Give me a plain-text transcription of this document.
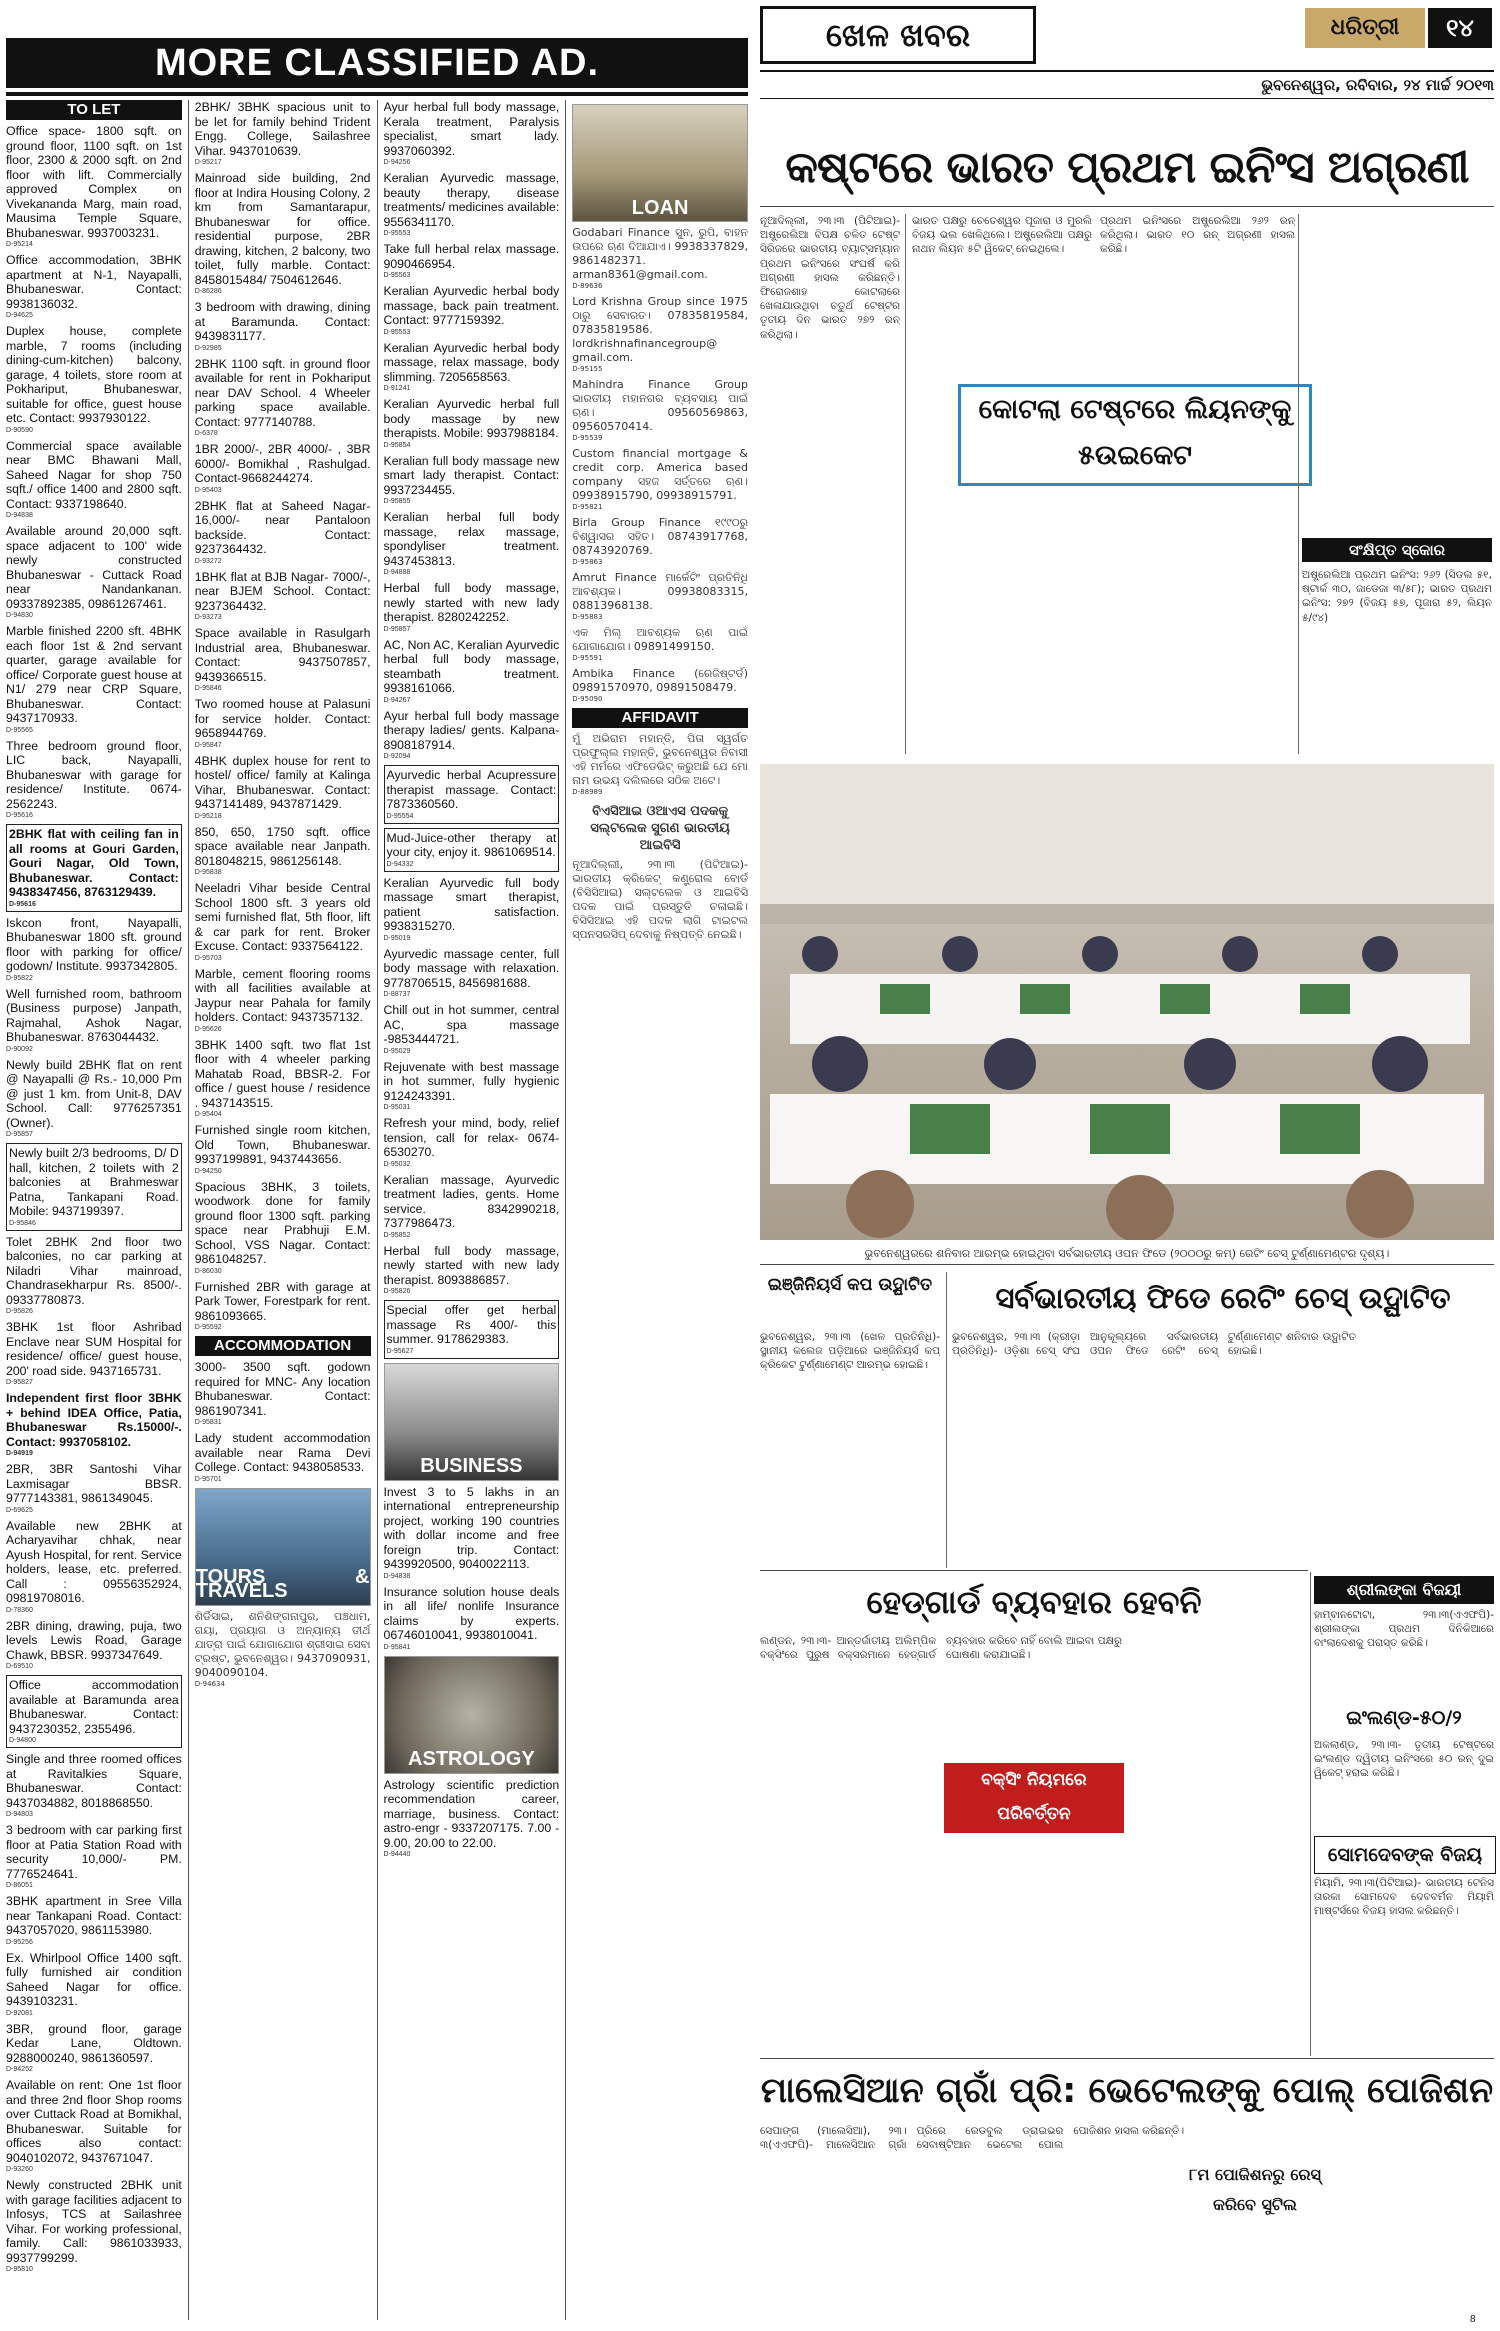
MORE CLASSIFIED AD.
TO LET
Office space- 1800 sqft. on ground floor, 1100 sqft. on 1st floor, 2300 & 2000 sqft. on 2nd floor with lift. Commercially approved Complex on Vivekananda Marg, main road, Mausima Temple Square, Bhubaneswar. 9937003231.
D-95214
Office accommodation, 3BHK apartment at N-1, Nayapalli, Bhubaneswar. Contact: 9938136032.
D-94625
Duplex house, complete marble, 7 rooms (including dining-cum-kitchen) balcony, garage, 4 toilets, store room at Pokhariput, Bhubaneswar, suitable for office, guest house etc. Contact: 9937930122.
D-90590
Commercial space available near BMC Bhawani Mall, Saheed Nagar for shop 750 sqft./ office 1400 and 2800 sqft. Contact: 9337198640.
D-94838
Available around 20,000 sqft. space adjacent to 100' wide newly constructed Bhubaneswar - Cuttack Road near Nandankanan. 09337892385, 09861267461.
D-94830
Marble finished 2200 sft. 4BHK each floor 1st & 2nd servant quarter, garage available for office/ Corporate guest house at N1/ 279 near CRP Square, Bhubaneswar. Contact: 9437170933.
D-95565
Three bedroom ground floor, LIC back, Nayapalli, Bhubaneswar with garage for residence/ Institute. 0674-2562243.
D-95616
2BHK flat with ceiling fan in all rooms at Gouri Garden, Gouri Nagar, Old Town, Bhubaneswar. Contact: 9438347456, 8763129439.
D-95616
Iskcon front, Nayapalli, Bhubaneswar 1800 sft. ground floor with parking for office/ godown/ Institute. 9937342805.
D-95822
Well furnished room, bathroom (Business purpose) Janpath, Rajmahal, Ashok Nagar, Bhubaneswar. 8763044432.
D-90092
Newly build 2BHK flat on rent @ Nayapalli @ Rs.- 10,000 Pm @ just 1 km. from Unit-8, DAV School. Call: 9776257351 (Owner).
D-95857
Newly built 2/3 bedrooms, D/ D hall, kitchen, 2 toilets with 2 balconies at Brahmeswar Patna, Tankapani Road. Mobile: 9437199397.
D-95846
Tolet 2BHK 2nd floor two balconies, no car parking at Niladri Vihar mainroad, Chandrasekharpur Rs. 8500/-. 09337780873.
D-95826
3BHK 1st floor Ashribad Enclave near SUM Hospital for residence/ office/ guest house, 200' road side. 9437165731.
D-95827
Independent first floor 3BHK + behind IDEA Office, Patia, Bhubaneswar Rs.15000/-. Contact: 9937058102.
D-94919
2BR, 3BR Santoshi Vihar Laxmisagar BBSR. 9777143381, 9861349045.
D-69625
Available new 2BHK at Acharyavihar chhak, near Ayush Hospital, for rent. Service holders, lease, etc. preferred. Call : 09556352924, 09819708016.
D-78360
2BR dining, drawing, puja, two levels Lewis Road, Garage Chawk, BBSR. 9937347649.
D-69510
Office accommodation available at Baramunda area Bhubaneswar. Contact: 9437230352, 2355496.
D-94800
Single and three roomed offices at Ravitalkies Square, Bhubaneswar. Contact: 9437034882, 8018868550.
D-94803
3 bedroom with car parking first floor at Patia Station Road with security 10,000/- PM. 7776524641.
D-86051
3BHK apartment in Sree Villa near Tankapani Road. Contact: 9437057020, 9861153980.
D-95256
Ex. Whirlpool Office 1400 sqft. fully furnished air condition Saheed Nagar for office. 9439103231.
D-92081
3BR, ground floor, garage Kedar Lane, Oldtown. 9288000240, 9861360597.
D-94252
Available on rent: One 1st floor and three 2nd floor Shop rooms over Cuttack Road at Bomikhal, Bhubaneswar. Suitable for offices also contact: 9040102072, 9437671047.
D-93260
Newly constructed 2BHK unit with garage facilities adjacent to Infosys, TCS at Sailashree Vihar. For working professional, family. Call: 9861033933, 9937799299.
D-95810
2BHK/ 3BHK spacious unit to be let for family behind Trident Engg. College, Sailashree Vihar. 9437010639.
D-95217
Mainroad side building, 2nd floor at Indira Housing Colony, 2 km from Samantarapur, Bhubaneswar for office. residential purpose, 2BR drawing, kitchen, 2 balcony, two toilet, fully marble. Contact: 8458015484/ 7504612646.
D-86286
3 bedroom with drawing, dining at Baramunda. Contact: 9439831177.
D-92985
2BHK 1100 sqft. in ground floor available for rent in Pokhariput near DAV School. 4 Wheeler parking space available. Contact: 9777140788.
D-6378
1BR 2000/-, 2BR 4000/- , 3BR 6000/- Bomikhal , Rashulgad. Contact-9668244274.
D-95403
2BHK flat at Saheed Nagar- 16,000/- near Pantaloon backside. Contact: 9237364432.
D-93272
1BHK flat at BJB Nagar- 7000/-, near BJEM School. Contact: 9237364432.
D-93273
Space available in Rasulgarh Industrial area, Bhubaneswar. Contact: 9437507857, 9439366515.
D-95846
Two roomed house at Palasuni for service holder. Contact: 9658944769.
D-95847
4BHK duplex house for rent to hostel/ office/ family at Kalinga Vihar, Bhubaneswar. Contact: 9437141489, 9437871429.
D-95218
850, 650, 1750 sqft. office space available near Janpath. 8018048215, 9861256148.
D-95838
Neeladri Vihar beside Central School 1800 sft. 3 years old semi furnished flat, 5th floor, lift & car park for rent. Broker Excuse. Contact: 9337564122.
D-95703
Marble, cement flooring rooms with all facilities available at Jaypur near Pahala for family holders. Contact: 9437357132.
D-95626
3BHK 1400 sqft. two flat 1st floor with 4 wheeler parking Mahatab Road, BBSR-2. For office / guest house / residence . 9437143515.
D-95404
Furnished single room kitchen, Old Town, Bhubaneswar. 9937199891, 9437443656.
D-94250
Spacious 3BHK, 3 toilets, woodwork done for family ground floor 1300 sqft. parking space near Prabhuji E.M. School, VSS Nagar. Contact: 9861048257.
D-86030
Furnished 2BR with garage at Park Tower, Forestpark for rent. 9861093665.
D-95592
ACCOMMODATION
3000- 3500 sqft. godown required for MNC- Any location Bhubaneswar. Contact: 9861907341.
D-95831
Lady student accommodation available near Rama Devi College. Contact: 9438058533.
D-95701
TOURS & TRAVELS
ଶିର୍ଡିସାଇ, ଶନିଶିଙ୍ଗନାପୁର, ପଞ୍ଚଧାମ, ଗୟା, ପ୍ରୟାଗ ଓ ଅନ୍ୟାନ୍ୟ ତୀର୍ଥ ଯାତ୍ରା ପାଇଁ ଯୋଗାଯୋଗ ଶ୍ରୀସାଇ ସେବା ଟ୍ରଷ୍ଟ, ଭୁବନେଶ୍ୱର। 9437090931, 9040090104.
D-94634
Ayur herbal full body massage, Kerala treatment, Paralysis specialist, smart lady. 9937060392.
D-94256
Keralian Ayurvedic massage, beauty therapy, disease treatments/ medicines available: 9556341170.
D-95553
Take full herbal relax massage. 9090466954.
D-95563
Keralian Ayurvedic herbal body massage, back pain treatment. Contact: 9777159392.
D-95553
Keralian Ayurvedic herbal body massage, relax massage, body slimming. 7205658563.
D-91241
Keralian Ayurvedic herbal full body massage by new therapists. Mobile: 9937988184.
D-95854
Keralian full body massage new smart lady therapist. Contact: 9937234455.
D-95855
Keralian herbal full body massage, relax massage, spondyliser treatment. 9437453813.
D-94888
Herbal full body massage, newly started with new lady therapist. 8280242252.
D-95857
AC, Non AC, Keralian Ayurvedic herbal full body massage, steambath treatment. 9938161066.
D-94267
Ayur herbal full body massage therapy ladies/ gents. Kalpana- 8908187914.
D-92094
Ayurvedic herbal Acupressure therapist massage. Contact: 7873360560.
D-95554
Mud-Juice-other therapy at your city, enjoy it. 9861069514.
D-94332
Keralian Ayurvedic full body massage smart therapist, patient satisfaction. 9938315270.
D-95019
Ayurvedic massage center, full body massage with relaxation. 9778706515, 8456981688.
D-88737
Chill out in hot summer, central AC, spa massage -9853444721.
D-95029
Rejuvenate with best massage in hot summer, fully hygienic 9124243391.
D-95031
Refresh your mind, body, relief tension, call for relax- 0674-6530270.
D-95032
Keralian massage, Ayurvedic treatment ladies, gents. Home service. 8342990218, 7377986473.
D-95852
Herbal full body massage, newly started with new lady therapist. 8093886857.
D-95826
Special offer get herbal massage Rs 400/- this summer. 9178629383.
D-95627
BUSINESS
Invest 3 to 5 lakhs in an international entrepreneurship project, working 190 countries with dollar income and free foreign trip. Contact: 9439920500, 9040022113.
D-94838
Insurance solution house deals in all life/ nonlife Insurance claims by experts. 06746010041, 9938010041.
D-95841
ASTROLOGY
Astrology scientific prediction recommendation career, marriage, business. Contact: astro-engr - 9337207175. 7.00 - 9.00, 20.00 to 22.00.
D-94440
LOAN
Godabari Finance ସୁନ, ରୁପି, ବାହନ ଉପରେ ଋଣ ଦିଆଯାଏ। 9938337829, 9861482371. arman8361@gmail.com.
D-89636
Lord Krishna Group since 1975 ଠାରୁ ସେବାରତ। 07835819584, 07835819586. lordkrishnafinancegroup@ gmail.com.
D-95155
Mahindra Finance Group ଭାରତୀୟ ମହାନଗର ବ୍ୟବସାୟ ପାଇଁ ଋଣ। 09560569863, 09560570414.
D-95539
Custom financial mortgage & credit corp. America based company ସହଜ ସର୍ତ୍ତରେ ଋଣ। 09938915790, 09938915791.
D-95821
Birla Group Finance ୧୯୯୦ରୁ ବିଶ୍ୱାସର ସହିତ। 08743917768, 08743920769.
D-95863
Amrut Finance ମାର୍କେଟିଂ ପ୍ରତିନିଧି ଆବଶ୍ୟକ। 09938083315, 08813968138.
D-95883
ଏକ ମିଲ୍ ଆବଶ୍ୟକ ଋଣ ପାଇଁ ଯୋଗାଯୋଗ। 09891499150.
D-95591
Ambika Finance (ରେଜିଷ୍ଟର୍ଡ) 09891570970, 09891508479.
D-95090
AFFIDAVIT
ମୁଁ ଅଭିରାମ ମହାନ୍ତି, ପିତା ସ୍ୱର୍ଗତ ପ୍ରଫୁଲ୍ଲ ମହାନ୍ତି, ଭୁବନେଶ୍ୱର ନିବାସୀ ଏହି ମର୍ମରେ ଏଫିଡେଭିଟ୍ କରୁଅଛି ଯେ ମୋ ନାମ ଉଭୟ ଦଲିଲରେ ସଠିକ ଅଟେ।
D-88989
ବିଏସିଆଇ ଓଆଏସ ପଦକକୁ ସଲ୍ଟଲେକ ସୁଗଣ ଭାରତୀୟ ଆଇବିସି
ନୂଆଦିଲ୍ଲୀ, ୨୩।୩ (ପିଟିଆଇ)- ଭାରତୀୟ କ୍ରିକେଟ୍ କଣ୍ଟ୍ରୋଲ ବୋର୍ଡ (ବିସିସିଆଇ) ସଲ୍ଟଲେକ ଓ ଆଇବିସି ପଦକ ପାଇଁ ପ୍ରସ୍ତୁତି ଚଳାଇଛି। ବିସିସିଆଇ ଏହି ପଦକ ଲାଗି ଟାଇଟଲ ସ୍ପନସରସିପ୍ ଦେବାକୁ ନିଷ୍ପତ୍ତି ନେଇଛି।
ଖେଳ ଖବର	ଧରିତ୍ରୀ	୧୪
ଭୁବନେଶ୍ୱର, ରବିବାର, ୨୪ ମାର୍ଚ୍ଚ ୨୦୧୩
କଷ୍ଟରେ ଭାରତ ପ୍ରଥମ ଇନିଂସ ଅଗ୍ରଣୀ
ନୂଆଦିଲ୍ଲୀ, ୨୩।୩ (ପିଟିଆଇ)- ଅଷ୍ଟ୍ରେଲିଆ ବିପକ୍ଷ ଚଳିତ ଟେଷ୍ଟ ସିରିଜରେ ଭାରତୀୟ ବ୍ୟାଟ୍ସମ୍ୟାନ ପ୍ରଥମ ଇନିଂସରେ ସଂଘର୍ଷ କରି ଅଗ୍ରଣୀ ହାସଲ କରିଛନ୍ତି। ଫିରୋଜଶାହ କୋଟଲାରେ ଖେଳାଯାଉଥିବା ଚତୁର୍ଥ ଟେଷ୍ଟର ତୃତୀୟ ଦିନ ଭାରତ ୨୭୨ ରନ୍ କରିଥିଲା।
ଭାରତ ପକ୍ଷରୁ ଚେତେଶ୍ୱର ପୂଜାରା ଓ ମୁରଲି ବିଜୟ ଭଲ ଖେଳିଥିଲେ। ଅଷ୍ଟ୍ରେଲିଆ ପକ୍ଷରୁ ନାଥନ ଲିୟନ ୫ଟି ୱିକେଟ୍ ନେଇଥିଲେ।
ପ୍ରଥମ ଇନିଂସରେ ଅଷ୍ଟ୍ରେଲିଆ ୨୬୨ ରନ୍ କରିଥିଲା। ଭାରତ ୧୦ ରନ୍ ଅଗ୍ରଣୀ ହାସଲ କରିଛି।
କୋଟଲା ଟେଷ୍ଟରେ ଲିୟନଙ୍କୁ ୫ଉଇକେଟ
ସଂକ୍ଷିପ୍ତ ସ୍କୋର
ଅଷ୍ଟ୍ରେଲିଆ ପ୍ରଥମ ଇନିଂସ: ୨୬୨ (ସିଡଲ ୫୧, ଷ୍ଟାର୍କ ୩୦, ଜାଡେଜା ୩/୫୮); ଭାରତ ପ୍ରଥମ ଇନିଂସ: ୨୭୨ (ବିଜୟ ୫୭, ପୂଜାରା ୫୨, ଲିୟନ ୫/୯୪)
ଭୁବନେଶ୍ୱରରେ ଶନିବାର ଆରମ୍ଭ ହୋଇଥିବା ସର୍ବଭାରତୀୟ ଓପନ ଫିଡେ (୨୦୦୦ରୁ କମ୍) ରେଟିଂ ଚେସ୍ ଟୁର୍ଣ୍ଣାମେଣ୍ଟର ଦୃଶ୍ୟ।
ଇଞ୍ଜିନିୟର୍ସ କପ ଉଦ୍ଘାଟିତ
ଭୁବନେଶ୍ୱର, ୨୩।୩ (ଖେଳ ପ୍ରତିନିଧି)- ସ୍ଥାନୀୟ କଲେଜ ପଡ଼ିଆରେ ଇଞ୍ଜିନିୟର୍ସ କପ୍ କ୍ରିକେଟ ଟୁର୍ଣ୍ଣାମେଣ୍ଟ ଆରମ୍ଭ ହୋଇଛି।
ସର୍ବଭାରତୀୟ ଫିଡେ ରେଟିଂ ଚେସ୍ ଉଦ୍ଘାଟିତ
ଭୁବନେଶ୍ୱର, ୨୩।୩ (କ୍ରୀଡ଼ା ପ୍ରତିନିଧି)- ଓଡ଼ିଶା ଚେସ୍ ସଂଘ ଆନୁକୂଲ୍ୟରେ ସର୍ବଭାରତୀୟ ଓପନ ଫିଡେ ରେଟିଂ ଚେସ୍ ଟୁର୍ଣ୍ଣାମେଣ୍ଟ ଶନିବାର ଉଦ୍ଘାଟିତ ହୋଇଛି।
ହେଡ୍‌ଗାର୍ଡ ବ୍ୟବହାର ହେବନି
ଲଣ୍ଡନ, ୨୩।୩- ଆନ୍ତର୍ଜାତୀୟ ଅଲିମ୍ପିକ ବକ୍ସିଂରେ ପୁରୁଷ ବକ୍ସରମାନେ ହେଡ୍‌ଗାର୍ଡ ବ୍ୟବହାର କରିବେ ନାହିଁ ବୋଲି ଆଇବା ପକ୍ଷରୁ ଘୋଷଣା କରାଯାଇଛି।
ବକ୍ସିଂ ନିୟମରେ ପରିବର୍ତ୍ତନ
ଶ୍ରୀଲଙ୍କା ବିଜୟୀ
ହାମ୍ବାନଟୋଟା, ୨୩।୩(ଏଏଫପି)- ଶ୍ରୀଲଙ୍କା ପ୍ରଥମ ଦିନିକିଆରେ ବାଂଲାଦେଶକୁ ପରାସ୍ତ କରିଛି।
ଇଂଲଣ୍ଡ-୫୦/୨
ଅକଲାଣ୍ଡ, ୨୩।୩- ତୃତୀୟ ଟେଷ୍ଟରେ ଇଂଲଣ୍ଡ ଦ୍ୱିତୀୟ ଇନିଂସରେ ୫୦ ରନ୍ ଦୁଇ ୱିକେଟ୍ ହରାଇ କରିଛି।
ସୋମଦେବଙ୍କ ବିଜୟ
ମିୟାମି, ୨୩।୩(ପିଟିଆଇ)- ଭାରତୀୟ ଟେନିସ ତାରକା ସୋମଦେବ ଦେବବର୍ମନ ମିୟାମି ମାଷ୍ଟର୍ସରେ ବିଜୟ ହାସଲ କରିଛନ୍ତି।
ମାଲେସିଆନ ଗ୍ରାଁ ପ୍ରି: ଭେଟେଲଙ୍କୁ ପୋଲ୍ ପୋଜିଶନ
ସେପାଙ୍ଗ (ମାଲେସିଆ), ୨୩।୩(ଏଏଫପି)- ମାଲେସିଆନ ଗ୍ରାଁ ପ୍ରିରେ ରେଡବୁଲ ଡ୍ରାଇଭର ସେବାଷ୍ଟିଆନ ଭେଟେଲ ପୋଲ ପୋଜିଶନ ହାସଲ କରିଛନ୍ତି।
୮ମ ପୋଜିଶନରୁ ରେସ୍ କରିବେ ସୁଟିଲ
8
